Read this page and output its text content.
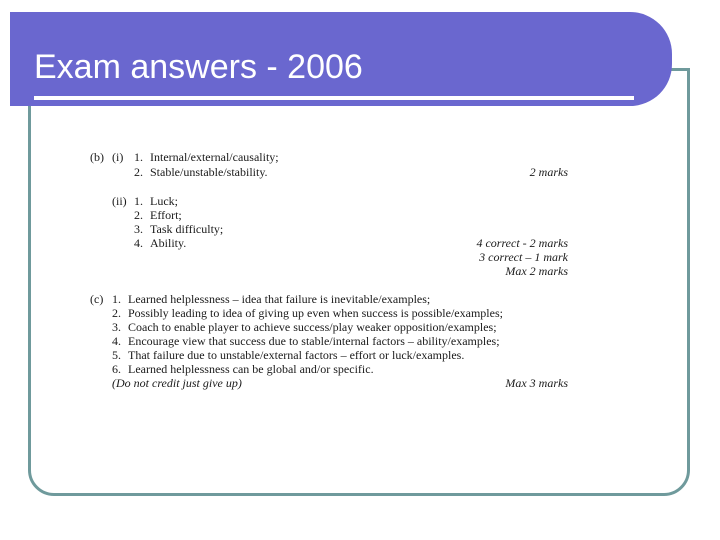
Exam answers - 2006
(b) (i) 1. Internal/external/causality;
2. Stable/unstable/stability.	2 marks
(ii) 1. Luck;
2. Effort;
3. Task difficulty;
4. Ability.	4 correct - 2 marks
3 correct – 1 mark
Max 2 marks
(c) 1. Learned helplessness – idea that failure is inevitable/examples;
2. Possibly leading to idea of giving up even when success is possible/examples;
3. Coach to enable player to achieve success/play weaker opposition/examples;
4. Encourage view that success due to stable/internal factors – ability/examples;
5. That failure due to unstable/external factors – effort or luck/examples.
6. Learned helplessness can be global and/or specific.
(Do not credit just give up)	Max 3 marks
